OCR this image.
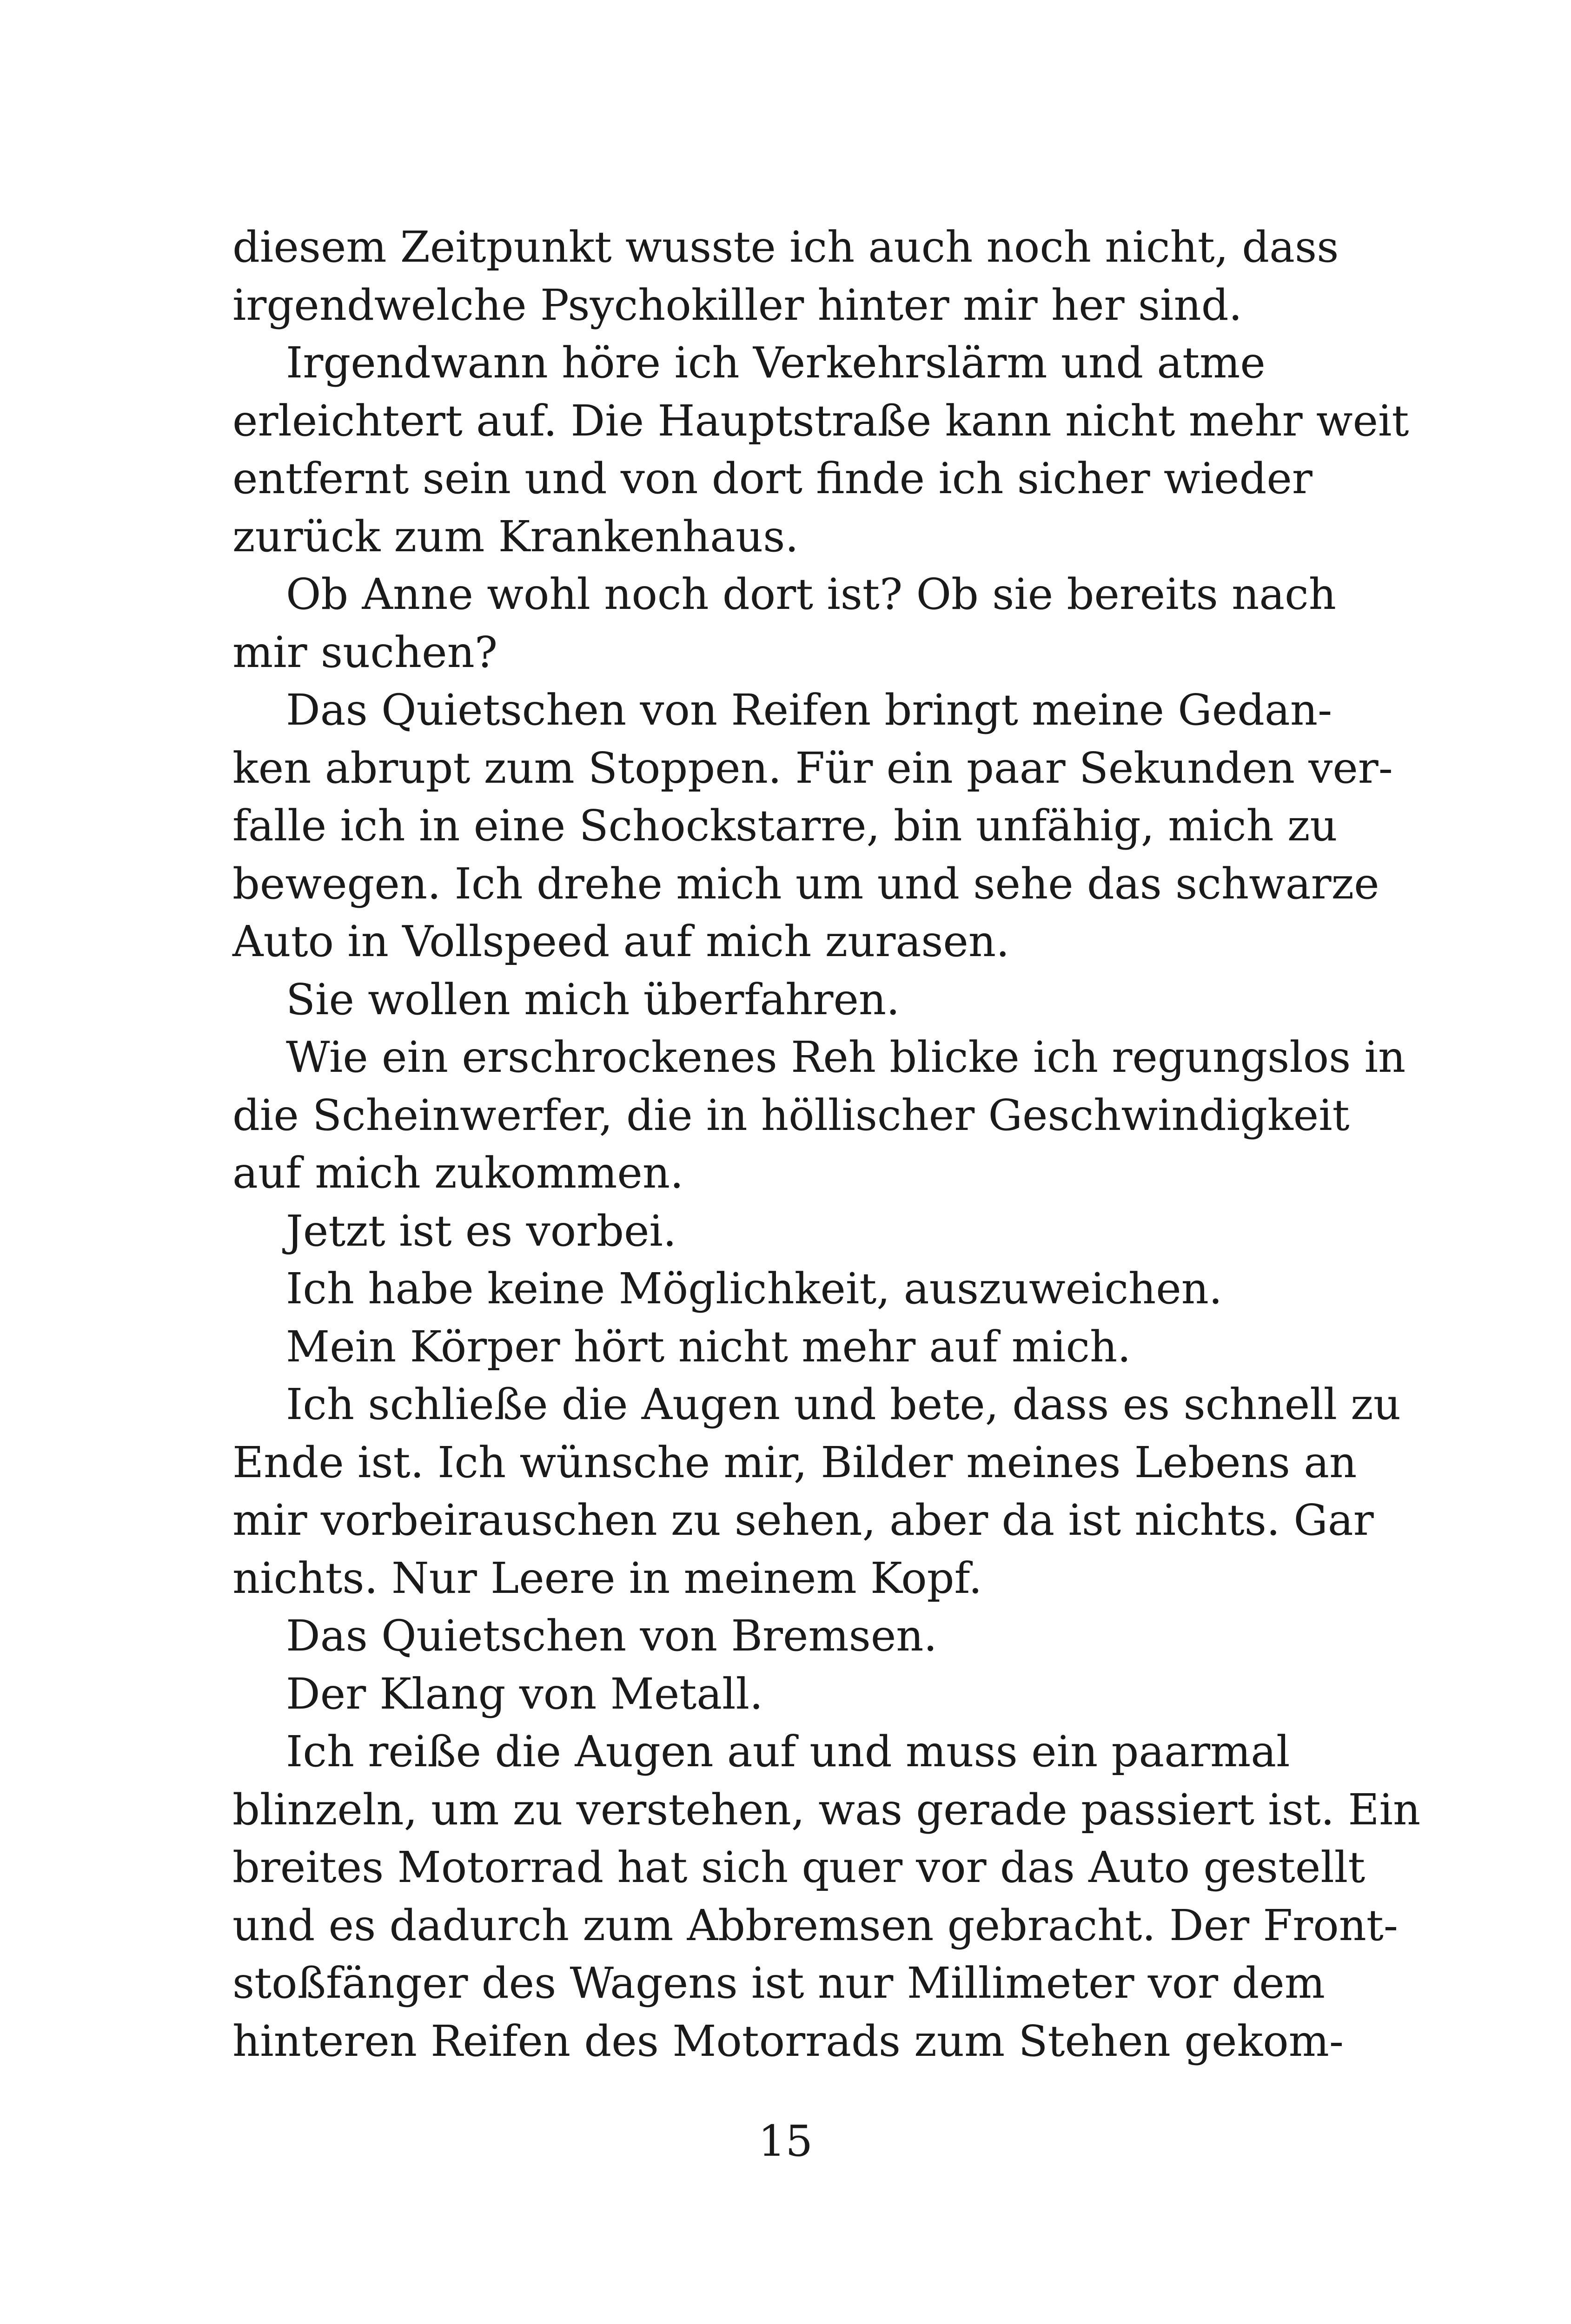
diesem Zeitpunkt wusste ich auch noch nicht, dass
irgendwelche Psychokiller hinter mir her sind.
Irgendwann höre ich Verkehrslärm und atme
erleichtert auf. Die Hauptstraße kann nicht mehr weit
entfernt sein und von dort finde ich sicher wieder
zurück zum Krankenhaus.
Ob Anne wohl noch dort ist? Ob sie bereits nach
mir suchen?
Das Quietschen von Reifen bringt meine Gedan-
ken abrupt zum Stoppen. Für ein paar Sekunden ver-
falle ich in eine Schockstarre, bin unfähig, mich zu
bewegen. Ich drehe mich um und sehe das schwarze
Auto in Vollspeed auf mich zurasen.
Sie wollen mich überfahren.
Wie ein erschrockenes Reh blicke ich regungslos in
die Scheinwerfer, die in höllischer Geschwindigkeit
auf mich zukommen.
Jetzt ist es vorbei.
Ich habe keine Möglichkeit, auszuweichen.
Mein Körper hört nicht mehr auf mich.
Ich schließe die Augen und bete, dass es schnell zu
Ende ist. Ich wünsche mir, Bilder meines Lebens an
mir vorbeirauschen zu sehen, aber da ist nichts. Gar
nichts. Nur Leere in meinem Kopf.
Das Quietschen von Bremsen.
Der Klang von Metall.
Ich reiße die Augen auf und muss ein paarmal
blinzeln, um zu verstehen, was gerade passiert ist. Ein
breites Motorrad hat sich quer vor das Auto gestellt
und es dadurch zum Abbremsen gebracht. Der Front-
stoßfänger des Wagens ist nur Millimeter vor dem
hinteren Reifen des Motorrads zum Stehen gekom-
15
